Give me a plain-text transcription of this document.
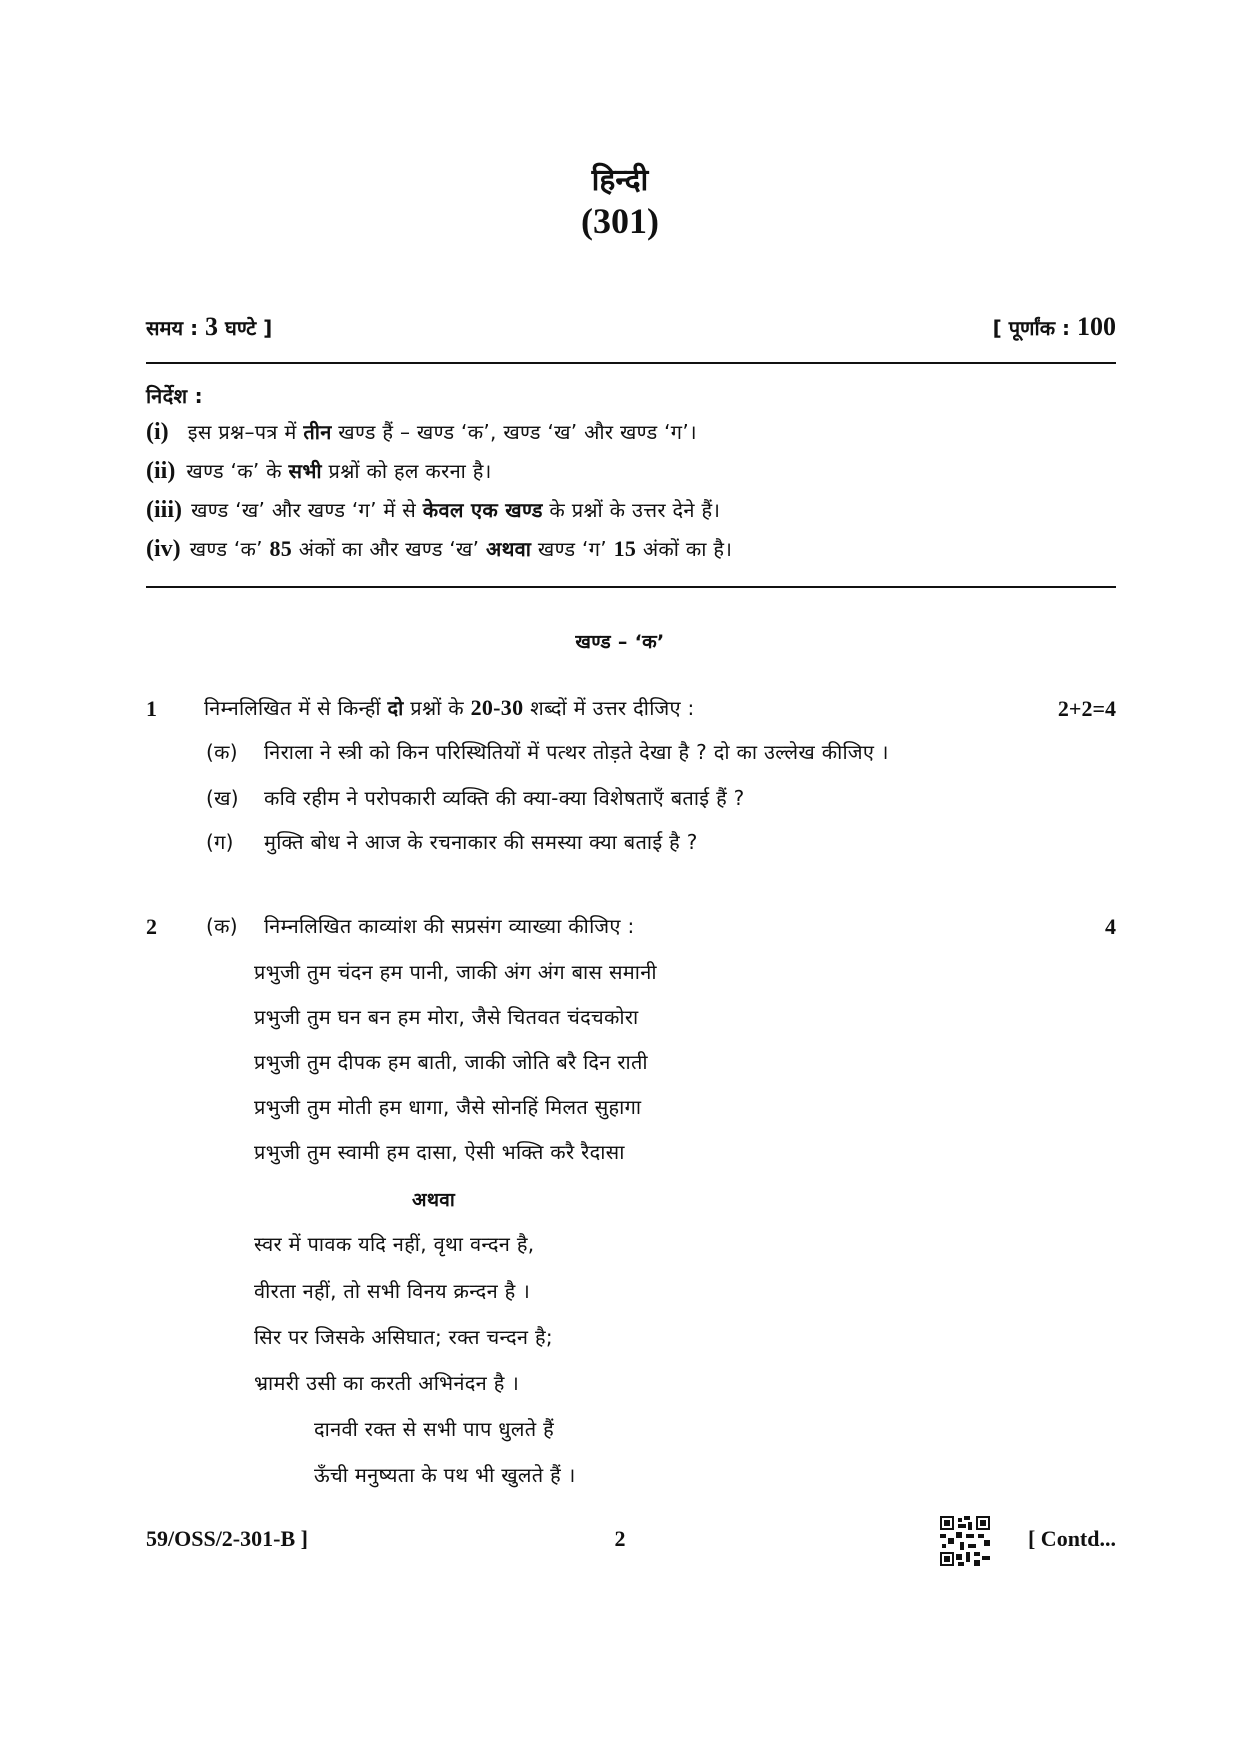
हिन्दी
(301)
समय : 3 घण्टे ]	[ पूर्णांक : 100
निर्देश :
(i) इस प्रश्न–पत्र में तीन खण्ड हैं – खण्ड ‘क’, खण्ड ‘ख’ और खण्ड ‘ग’।
(ii) खण्ड ‘क’ के सभी प्रश्नों को हल करना है।
(iii) खण्ड ‘ख’ और खण्ड ‘ग’ में से केवल एक खण्ड के प्रश्नों के उत्तर देने हैं।
(iv) खण्ड ‘क’ 85 अंकों का और खण्ड ‘ख’ अथवा खण्ड ‘ग’ 15 अंकों का है।
खण्ड – ‘क’
1 निम्नलिखित में से किन्हीं दो प्रश्नों के 20-30 शब्दों में उत्तर दीजिए :	2+2=4
(क) निराला ने स्त्री को किन परिस्थितियों में पत्थर तोड़ते देखा है ? दो का उल्लेख कीजिए ।
(ख) कवि रहीम ने परोपकारी व्यक्ति की क्या-क्या विशेषताएँ बताई हैं ?
(ग) मुक्ति बोध ने आज के रचनाकार की समस्या क्या बताई है ?
2 (क) निम्नलिखित काव्यांश की सप्रसंग व्याख्या कीजिए :	4
प्रभुजी तुम चंदन हम पानी, जाकी अंग अंग बास समानी
प्रभुजी तुम घन बन हम मोरा, जैसे चितवत चंदचकोरा
प्रभुजी तुम दीपक हम बाती, जाकी जोति बरै दिन राती
प्रभुजी तुम मोती हम धागा, जैसे सोनहिं मिलत सुहागा
प्रभुजी तुम स्वामी हम दासा, ऐसी भक्ति करै रैदासा
अथवा
स्वर में पावक यदि नहीं, वृथा वन्दन है,
वीरता नहीं, तो सभी विनय क्रन्दन है ।
सिर पर जिसके असिघात; रक्त चन्दन है;
भ्रामरी उसी का करती अभिनंदन है ।
दानवी रक्त से सभी पाप धुलते हैं
ऊँची मनुष्यता के पथ भी खुलते हैं ।
59/OSS/2-301-B ]	2	[ Contd...
